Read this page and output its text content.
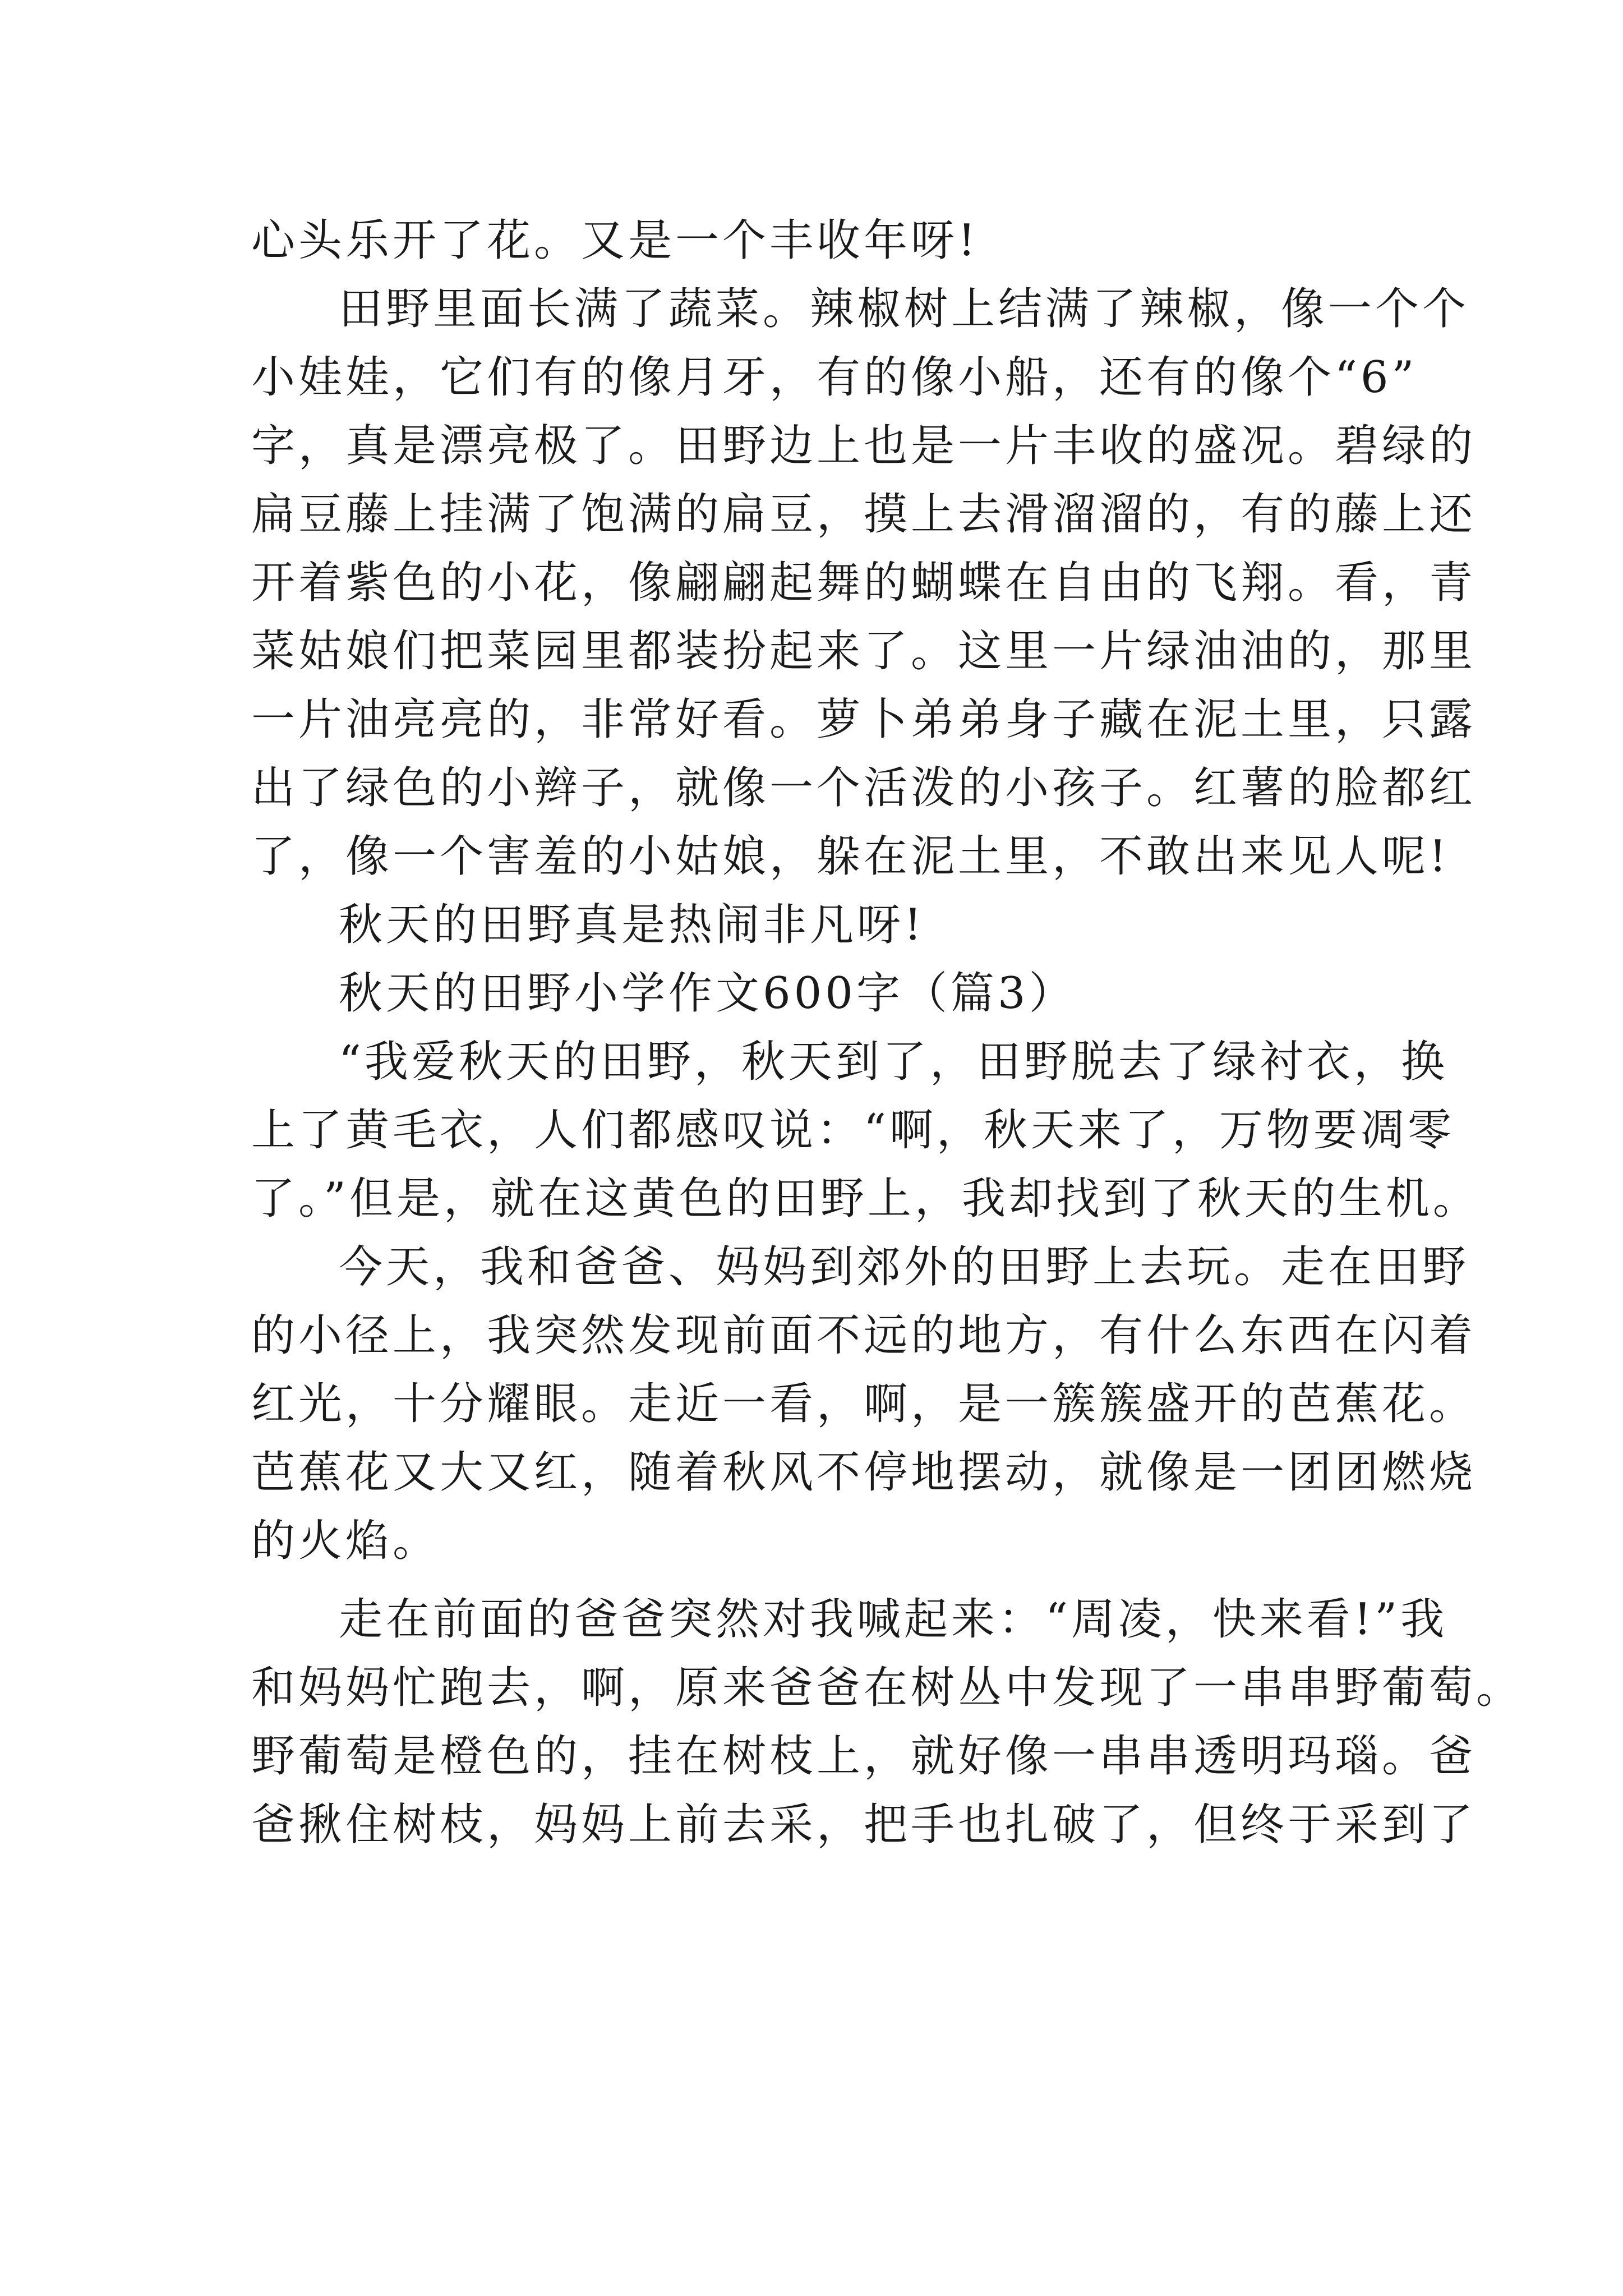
心头乐开了花。又是一个丰收年呀!

田野里面长满了蔬菜。辣椒树上结满了辣椒，像一个个
小娃娃，它们有的像月牙，有的像小船，还有的像个“6”
字，真是漂亮极了。田野边上也是一片丰收的盛况。碧绿的
扁豆藤上挂满了饱满的扁豆，摸上去滑溜溜的，有的藤上还
开着紫色的小花，像翩翩起舞的蝴蝶在自由的飞翔。看，青
菜姑娘们把菜园里都装扮起来了。这里一片绿油油的，那里
一片油亮亮的，非常好看。萝卜弟弟身子藏在泥土里，只露
出了绿色的小辫子，就像一个活泼的小孩子。红薯的脸都红
了，像一个害羞的小姑娘，躲在泥土里，不敢出来见人呢!

秋天的田野真是热闹非凡呀!

秋天的田野小学作文600字（篇3）

“我爱秋天的田野，秋天到了，田野脱去了绿衬衣，换
上了黄毛衣，人们都感叹说：“啊，秋天来了，万物要凋零
了。”但是，就在这黄色的田野上，我却找到了秋天的生机。

今天，我和爸爸、妈妈到郊外的田野上去玩。走在田野
的小径上，我突然发现前面不远的地方，有什么东西在闪着
红光，十分耀眼。走近一看，啊，是一簇簇盛开的芭蕉花。
芭蕉花又大又红，随着秋风不停地摆动，就像是一团团燃烧
的火焰。

走在前面的爸爸突然对我喊起来：“周凌，快来看!”我
和妈妈忙跑去，啊，原来爸爸在树丛中发现了一串串野葡萄。
野葡萄是橙色的，挂在树枝上，就好像一串串透明玛瑙。爸
爸揪住树枝，妈妈上前去采，把手也扎破了，但终于采到了
